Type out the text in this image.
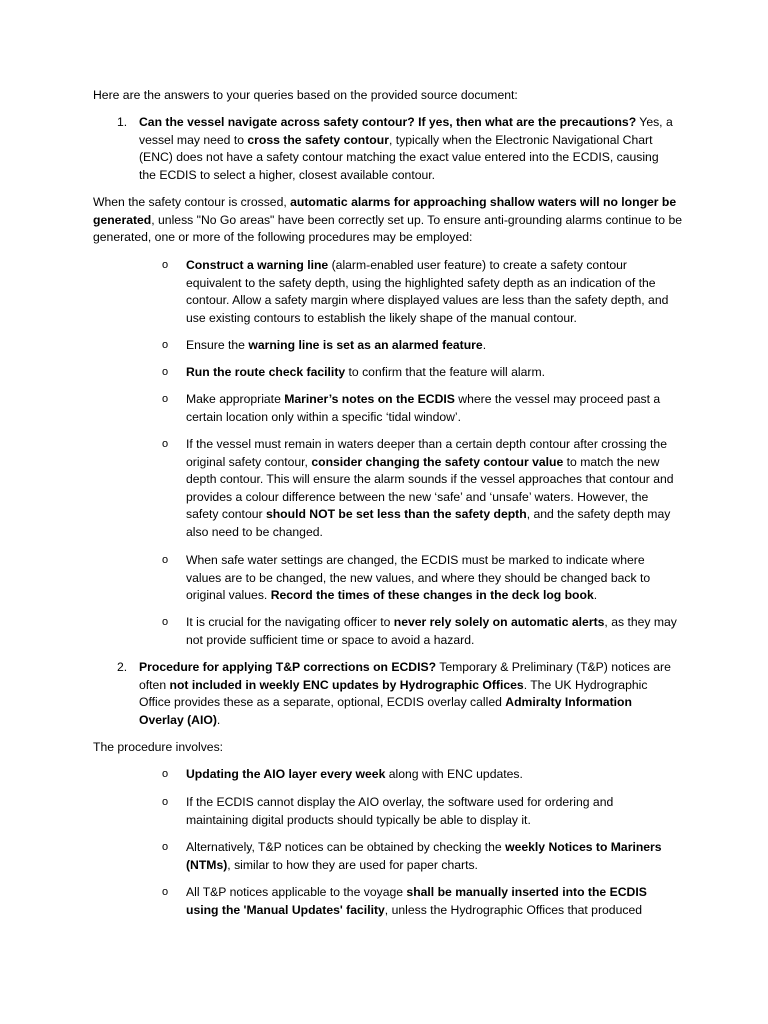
Here are the answers to your queries based on the provided source document:

1. Can the vessel navigate across safety contour? If yes, then what are the precautions? Yes, a vessel may need to cross the safety contour, typically when the Electronic Navigational Chart (ENC) does not have a safety contour matching the exact value entered into the ECDIS, causing the ECDIS to select a higher, closest available contour.

When the safety contour is crossed, automatic alarms for approaching shallow waters will no longer be generated, unless "No Go areas" have been correctly set up. To ensure anti-grounding alarms continue to be generated, one or more of the following procedures may be employed:

o	Construct a warning line (alarm-enabled user feature) to create a safety contour equivalent to the safety depth, using the highlighted safety depth as an indication of the contour. Allow a safety margin where displayed values are less than the safety depth, and use existing contours to establish the likely shape of the manual contour.
o	Ensure the warning line is set as an alarmed feature.
o	Run the route check facility to confirm that the feature will alarm.
o	Make appropriate Mariner’s notes on the ECDIS where the vessel may proceed past a certain location only within a specific ‘tidal window’.
o	If the vessel must remain in waters deeper than a certain depth contour after crossing the original safety contour, consider changing the safety contour value to match the new depth contour. This will ensure the alarm sounds if the vessel approaches that contour and provides a colour difference between the new ‘safe’ and ‘unsafe’ waters. However, the safety contour should NOT be set less than the safety depth, and the safety depth may also need to be changed.
o	When safe water settings are changed, the ECDIS must be marked to indicate where values are to be changed, the new values, and where they should be changed back to original values. Record the times of these changes in the deck log book.
o	It is crucial for the navigating officer to never rely solely on automatic alerts, as they may not provide sufficient time or space to avoid a hazard.
2. Procedure for applying T&P corrections on ECDIS? Temporary & Preliminary (T&P) notices are often not included in weekly ENC updates by Hydrographic Offices. The UK Hydrographic Office provides these as a separate, optional, ECDIS overlay called Admiralty Information Overlay (AIO).

The procedure involves:

o	Updating the AIO layer every week along with ENC updates.
o	If the ECDIS cannot display the AIO overlay, the software used for ordering and maintaining digital products should typically be able to display it.
o	Alternatively, T&P notices can be obtained by checking the weekly Notices to Mariners (NTMs), similar to how they are used for paper charts.
o	All T&P notices applicable to the voyage shall be manually inserted into the ECDIS using the 'Manual Updates' facility, unless the Hydrographic Offices that produced
